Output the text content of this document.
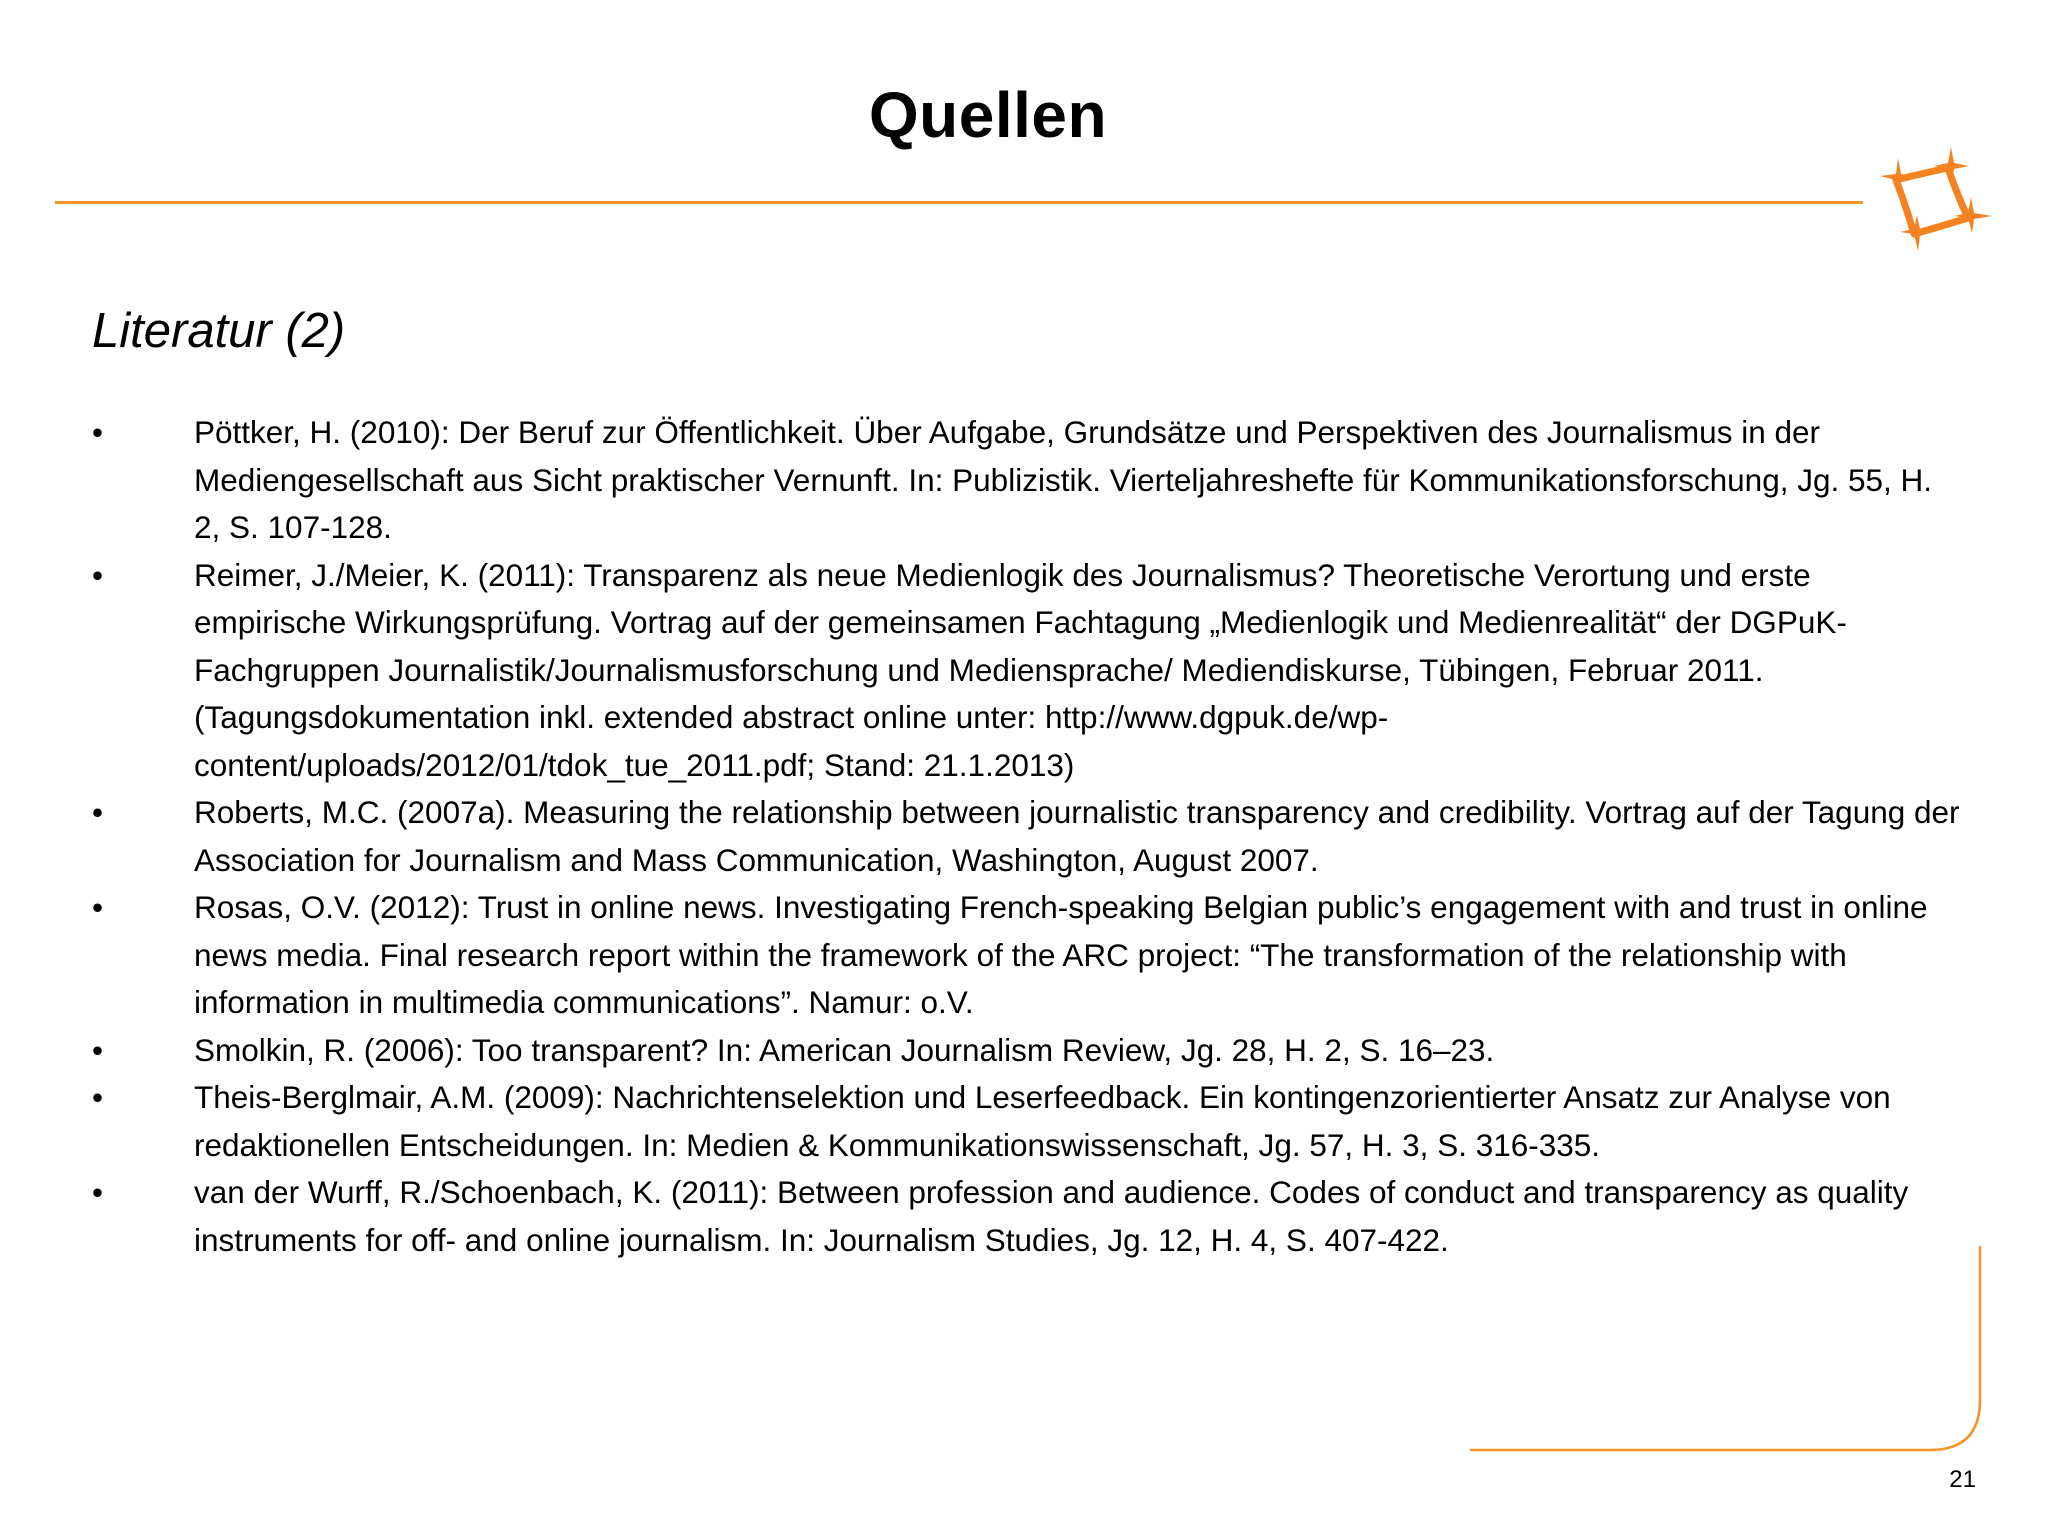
Quellen
Literatur (2)
•	Pöttker, H. (2010): Der Beruf zur Öffentlichkeit. Über Aufgabe, Grundsätze und Perspektiven des Journalismus in der Mediengesellschaft aus Sicht praktischer Vernunft. In: Publizistik. Vierteljahreshefte für Kommunikationsforschung, Jg. 55, H. 2, S. 107-128.
•	Reimer, J./Meier, K. (2011): Transparenz als neue Medienlogik des Journalismus? Theoretische Verortung und erste empirische Wirkungsprüfung. Vortrag auf der gemeinsamen Fachtagung „Medienlogik und Medienrealität“ der DGPuK-Fachgruppen Journalistik/Journalismusforschung und Mediensprache/ Mediendiskurse, Tübingen, Februar 2011. (Tagungsdokumentation inkl. extended abstract online unter: http://www.dgpuk.de/wp-content/uploads/2012/01/tdok_tue_2011.pdf; Stand: 21.1.2013)
•	Roberts, M.C. (2007a). Measuring the relationship between journalistic transparency and credibility. Vortrag auf der Tagung der Association for Journalism and Mass Communication, Washington, August 2007.
•	Rosas, O.V. (2012): Trust in online news. Investigating French-speaking Belgian public’s engagement with and trust in online news media. Final research report within the framework of the ARC project: “The transformation of the relationship with information in multimedia communications”. Namur: o.V.
•	Smolkin, R. (2006): Too transparent? In: American Journalism Review, Jg. 28, H. 2, S. 16–23.
•	Theis-Berglmair, A.M. (2009): Nachrichtenselektion und Leserfeedback. Ein kontingenzorientierter Ansatz zur Analyse von redaktionellen Entscheidungen. In: Medien & Kommunikationswissenschaft, Jg. 57, H. 3, S. 316-335.
•	van der Wurff, R./Schoenbach, K. (2011): Between profession and audience. Codes of conduct and transparency as quality instruments for off- and online journalism. In: Journalism Studies, Jg. 12, H. 4, S. 407-422.
21
